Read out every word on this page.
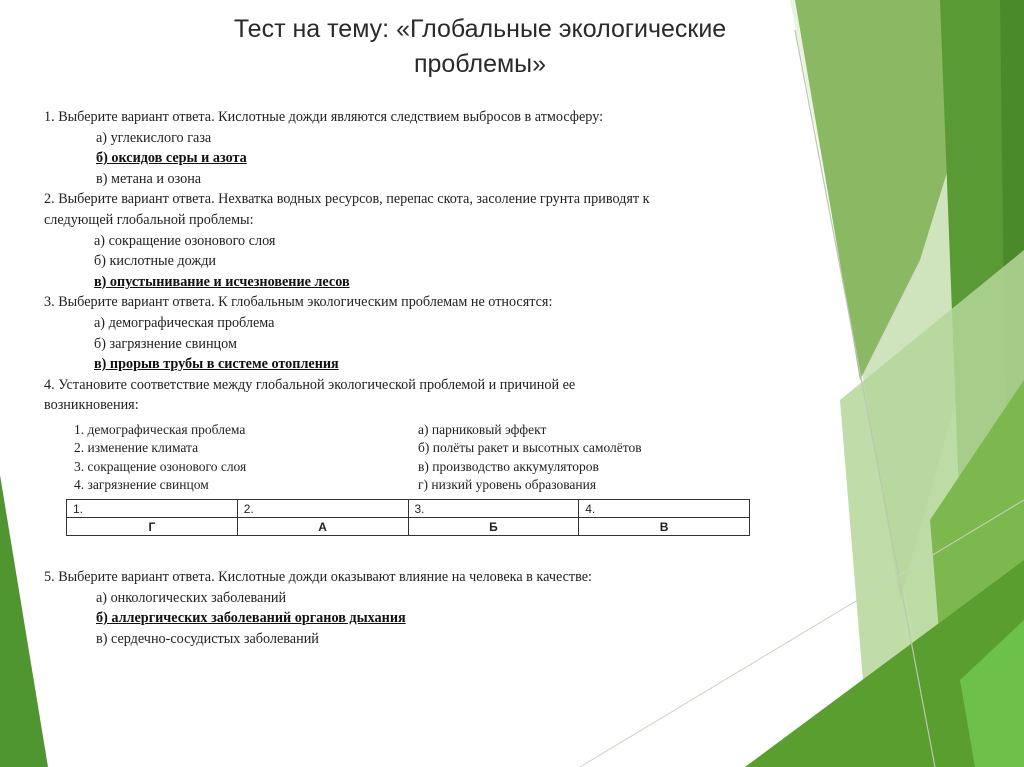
Тест на тему: «Глобальные экологические
проблемы»
1. Выберите вариант ответа. Кислотные дожди являются следствием выбросов в атмосферу:
а) углекислого газа
б) оксидов серы и азота
в) метана и озона
2. Выберите вариант ответа. Нехватка водных ресурсов, перепас скота, засоление грунта приводят к
следующей глобальной проблемы:
а) сокращение озонового слоя
б) кислотные дожди
в) опустынивание и исчезновение лесов
3. Выберите вариант ответа. К глобальным экологическим проблемам не относятся:
а) демографическая проблема
б) загрязнение свинцом
в) прорыв трубы в системе отопления
4. Установите соответствие между глобальной экологической проблемой и причиной ее
возникновения:
1. демографическая проблема	а) парниковый эффект
2. изменение климата	б) полёты ракет и высотных самолётов
3. сокращение озонового слоя	в) производство аккумуляторов
4. загрязнение свинцом	г) низкий уровень образования
1.	2.	3.	4.
Г	А	Б	В
5. Выберите вариант ответа. Кислотные дожди оказывают влияние на человека в качестве:
а) онкологических заболеваний
б) аллергических заболеваний органов дыхания
в) сердечно-сосудистых заболеваний
